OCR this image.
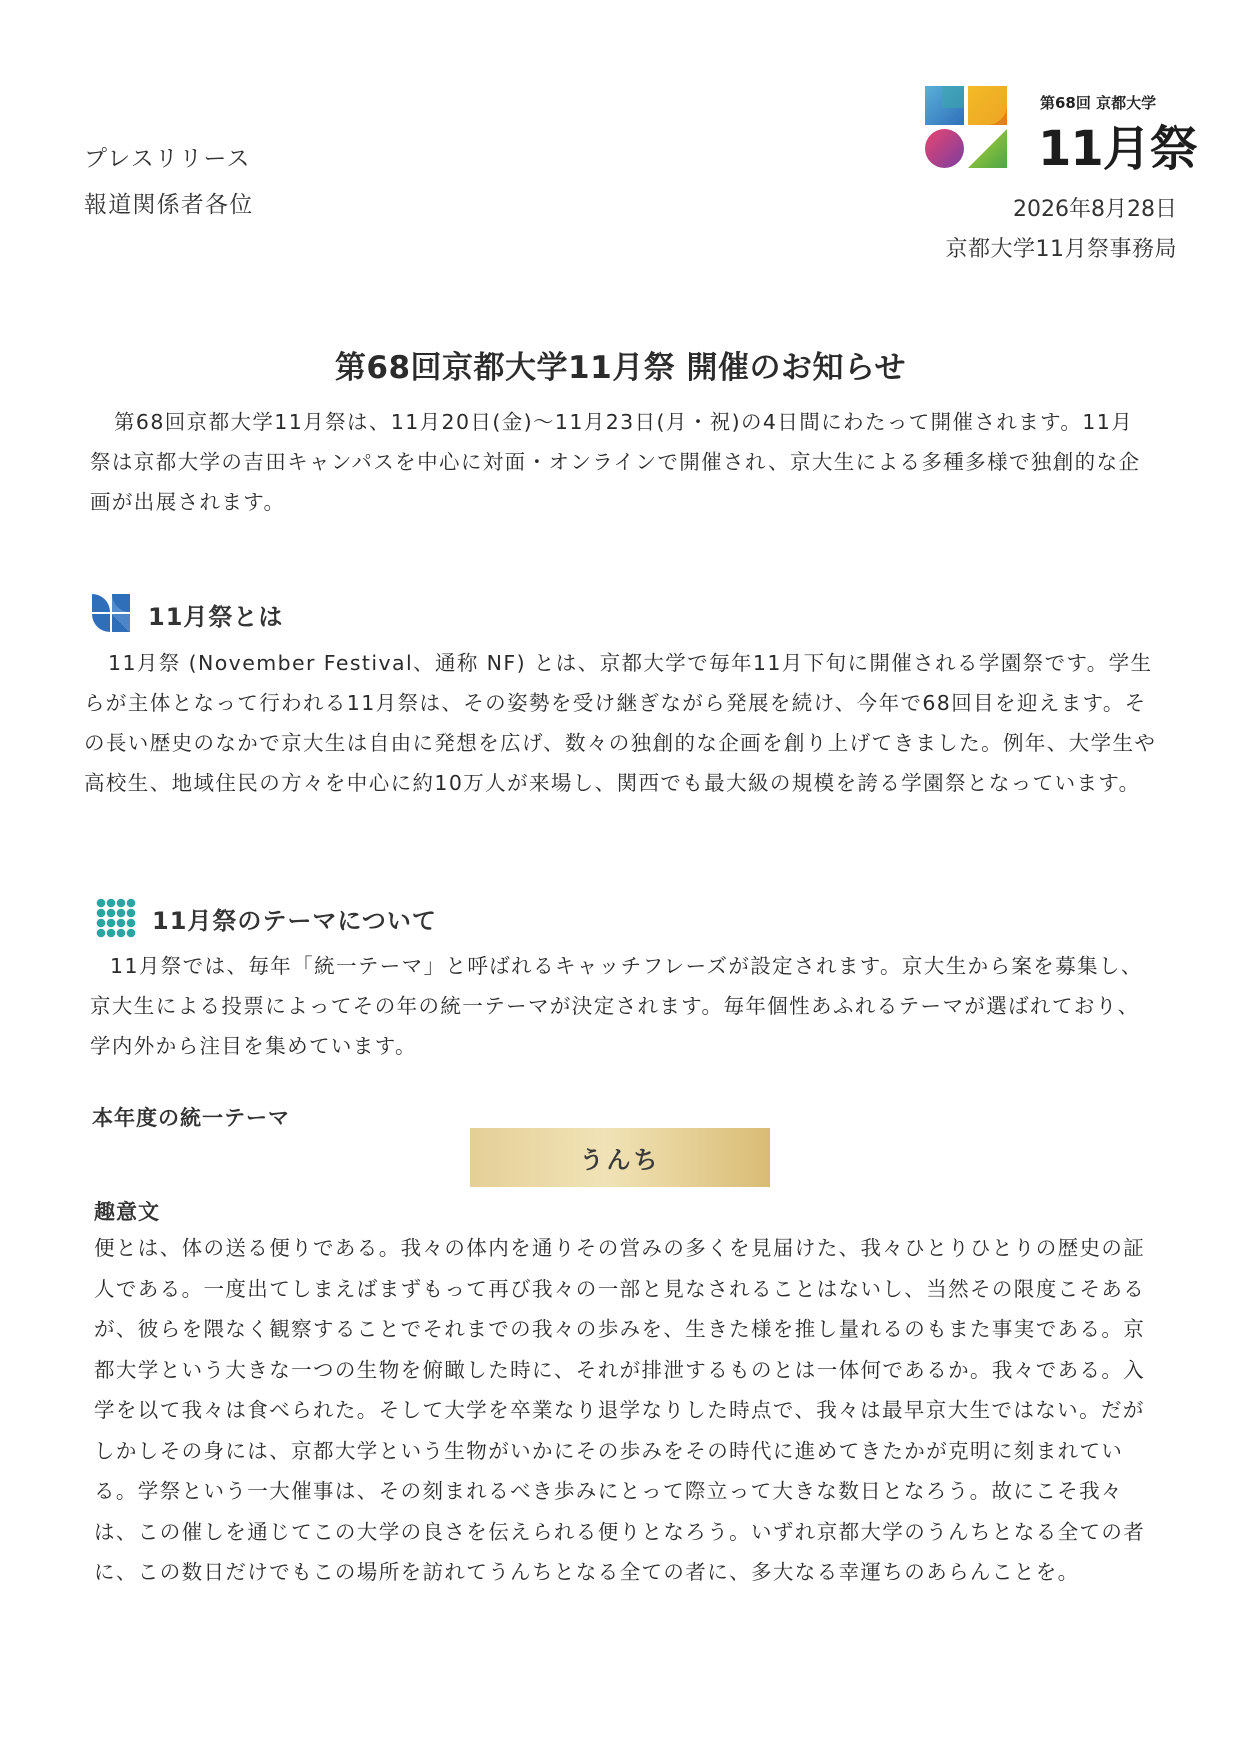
プレスリリース
報道関係者各位
第68回 京都大学
11月祭
2026年8月28日
京都大学11月祭事務局
第68回京都大学11月祭 開催のお知らせ

第68回京都大学11月祭は、11月20日(金)〜11月23日(月・祝)の4日間にわたって開催されます。11月祭は京都大学の吉田キャンパスを中心に対面・オンラインで開催され、京大生による多種多様で独創的な企画が出展されます。

11月祭とは

11月祭 (November Festival、通称 NF) とは、京都大学で毎年11月下旬に開催される学園祭です。学生らが主体となって行われる11月祭は、その姿勢を受け継ぎながら発展を続け、今年で68回目を迎えます。その長い歴史のなかで京大生は自由に発想を広げ、数々の独創的な企画を創り上げてきました。例年、大学生や高校生、地域住民の方々を中心に約10万人が来場し、関西でも最大級の規模を誇る学園祭となっています。

11月祭のテーマについて

11月祭では、毎年「統一テーマ」と呼ばれるキャッチフレーズが設定されます。京大生から案を募集し、京大生による投票によってその年の統一テーマが決定されます。毎年個性あふれるテーマが選ばれており、学内外から注目を集めています。

本年度の統一テーマ
うんち
趣意文

便とは、体の送る便りである。我々の体内を通りその営みの多くを見届けた、我々ひとりひとりの歴史の証人である。一度出てしまえばまずもって再び我々の一部と見なされることはないし、当然その限度こそあるが、彼らを隈なく観察することでそれまでの我々の歩みを、生きた様を推し量れるのもまた事実である。京都大学という大きな一つの生物を俯瞰した時に、それが排泄するものとは一体何であるか。我々である。入学を以て我々は食べられた。そして大学を卒業なり退学なりした時点で、我々は最早京大生ではない。だがしかしその身には、京都大学という生物がいかにその歩みをその時代に進めてきたかが克明に刻まれている。学祭という一大催事は、その刻まれるべき歩みにとって際立って大きな数日となろう。故にこそ我々は、この催しを通じてこの大学の良さを伝えられる便りとなろう。いずれ京都大学のうんちとなる全ての者に、この数日だけでもこの場所を訪れてうんちとなる全ての者に、多大なる幸運ちのあらんことを。
